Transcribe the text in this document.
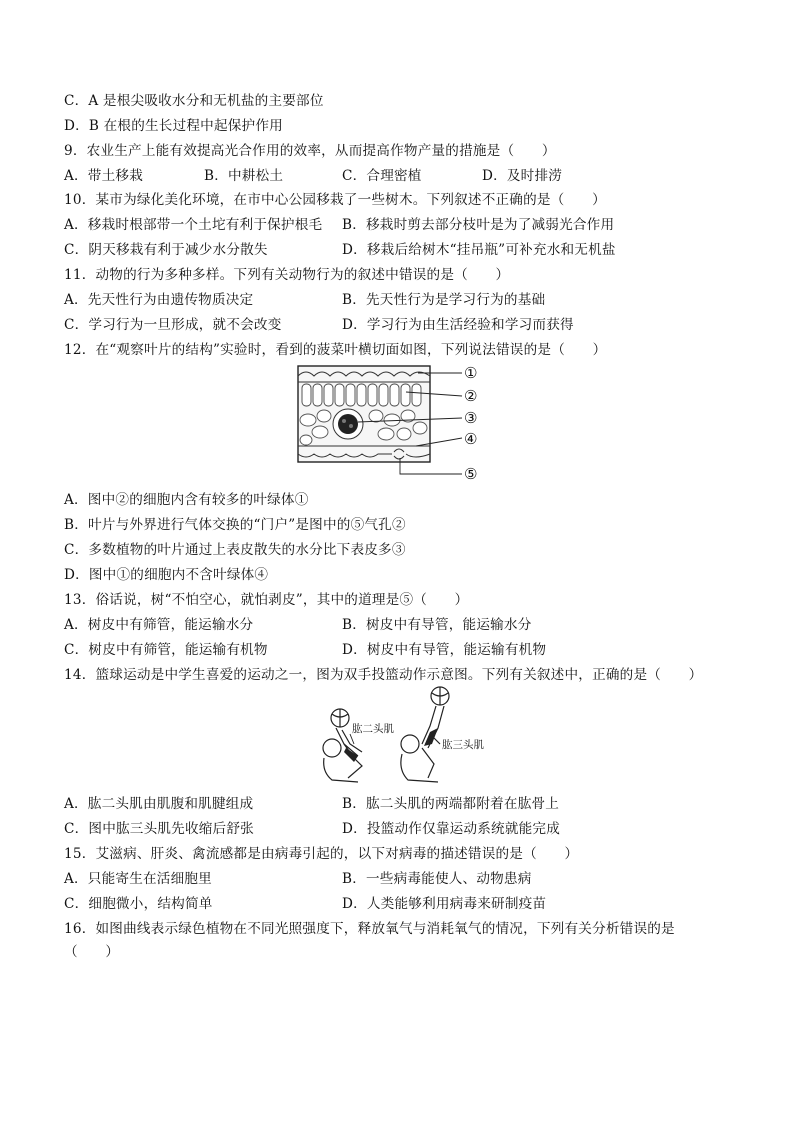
C．A 是根尖吸收水分和无机盐的主要部位
D．B 在根的生长过程中起保护作用
9．农业生产上能有效提高光合作用的效率，从而提高作物产量的措施是（　　）
A．带土移栽	B．中耕松土	C．合理密植	D．及时排涝
10．某市为绿化美化环境，在市中心公园移栽了一些树木。下列叙述不正确的是（　　）
A．移栽时根部带一个土坨有利于保护根毛 B．移栽时剪去部分枝叶是为了减弱光合作用
C．阴天移栽有利于减少水分散失	D．移栽后给树木“挂吊瓶”可补充水和无机盐
11．动物的行为多种多样。下列有关动物行为的叙述中错误的是（　　）
A．先天性行为由遗传物质决定	B．先天性行为是学习行为的基础
C．学习行为一旦形成，就不会改变	D．学习行为由生活经验和学习而获得
12．在“观察叶片的结构”实验时，看到的菠菜叶横切面如图，下列说法错误的是（　　）
①
②
③
④
⑤
A．图中②的细胞内含有较多的叶绿体①
B．叶片与外界进行气体交换的“门户”是图中的⑤气孔②
C．多数植物的叶片通过上表皮散失的水分比下表皮多③
D．图中①的细胞内不含叶绿体④
13．俗话说，树“不怕空心，就怕剥皮”，其中的道理是⑤（　　）
A．树皮中有筛管，能运输水分	B．树皮中有导管，能运输水分
C．树皮中有筛管，能运输有机物	D．树皮中有导管，能运输有机物
14．篮球运动是中学生喜爱的运动之一，图为双手投篮动作示意图。下列有关叙述中，正确的是（　　）
肱二头肌
肱三头肌
A．肱二头肌由肌腹和肌腱组成	B．肱二头肌的两端都附着在肱骨上
C．图中肱三头肌先收缩后舒张	D．投篮动作仅靠运动系统就能完成
15．艾滋病、肝炎、禽流感都是由病毒引起的，以下对病毒的描述错误的是（　　）
A．只能寄生在活细胞里	B．一些病毒能使人、动物患病
C．细胞微小，结构简单	D．人类能够利用病毒来研制疫苗
16．如图曲线表示绿色植物在不同光照强度下，释放氧气与消耗氧气的情况，下列有关分析错误的是
（　　）
